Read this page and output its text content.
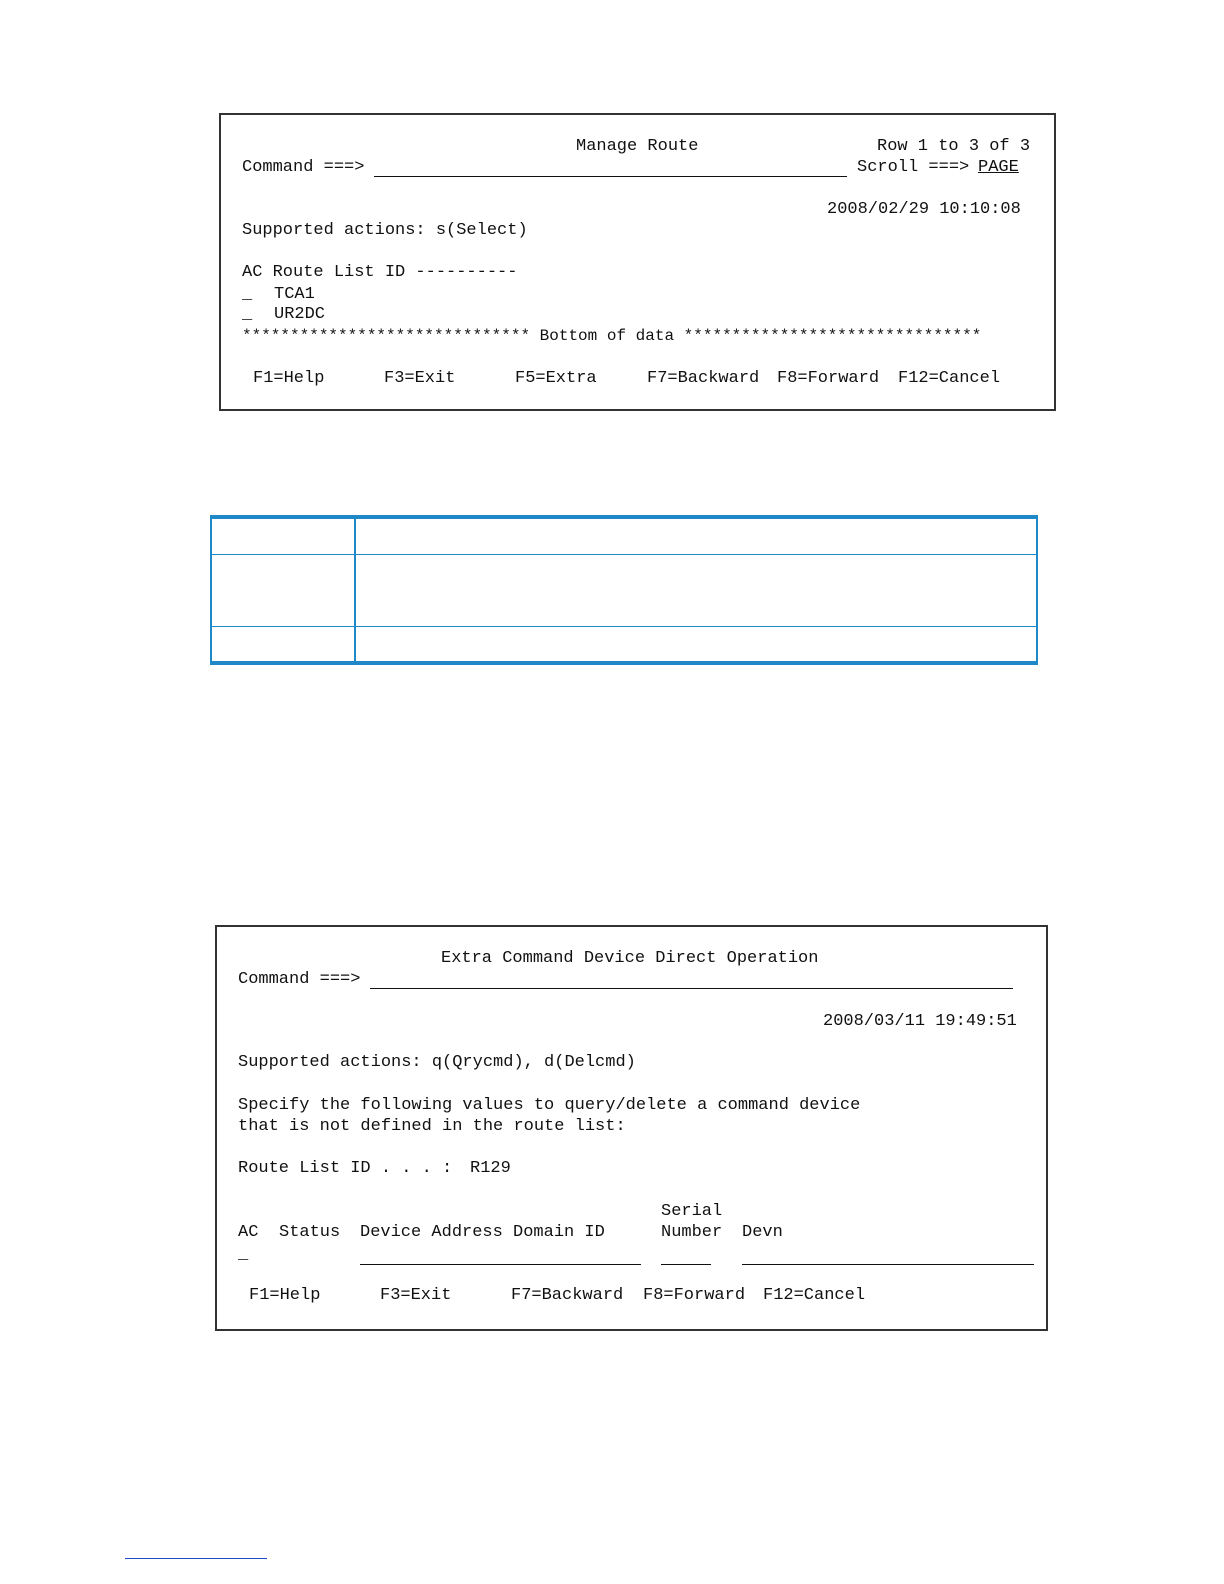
Manage Route	Row 1 to 3 of 3
Command ===>	Scroll ===> PAGE
2008/02/29 10:10:08
Supported actions: s(Select)
AC Route List ID ----------
_ TCA1
_ UR2DC
****************************** Bottom of data *******************************
F1=Help	F3=Exit	F5=Extra	F7=Backward F8=Forward F12=Cancel

Extra Command Device Direct Operation
Command ===>
2008/03/11 19:49:51
Supported actions: q(Qrycmd), d(Delcmd)
Specify the following values to query/delete a command device
that is not defined in the route list:
Route List ID . . . : R129
Serial
AC Status Device Address Domain ID	Number Devn
_
F1=Help	F3=Exit	F7=Backward F8=Forward F12=Cancel
